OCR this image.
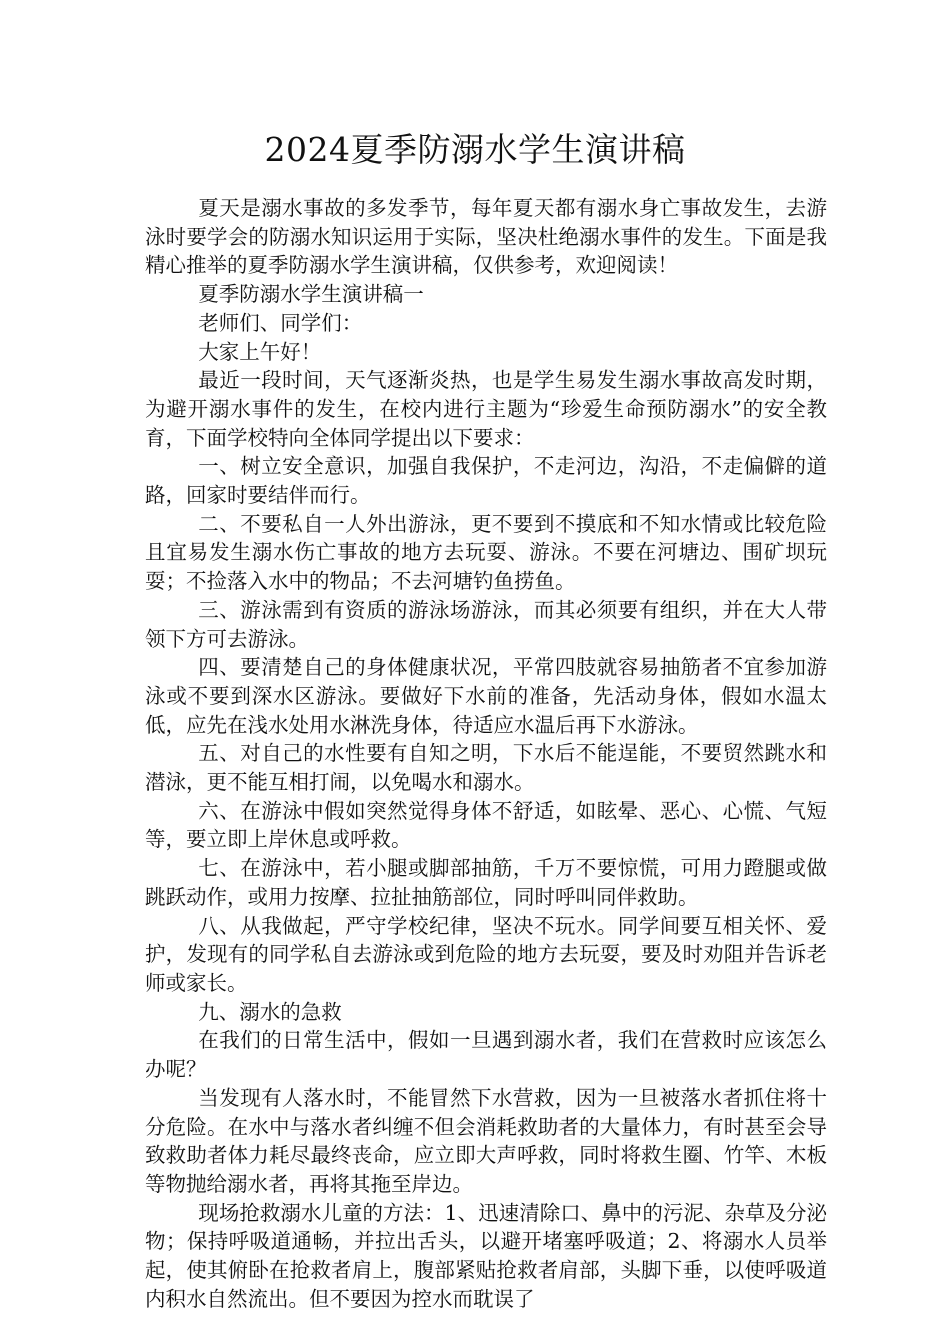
2024夏季防溺水学生演讲稿

夏天是溺水事故的多发季节，每年夏天都有溺水身亡事故发生，去游泳时要学会的防溺水知识运用于实际，坚决杜绝溺水事件的发生。下面是我精心推举的夏季防溺水学生演讲稿，仅供参考，欢迎阅读！

夏季防溺水学生演讲稿一

老师们、同学们：

大家上午好！

最近一段时间，天气逐渐炎热，也是学生易发生溺水事故高发时期，为避开溺水事件的发生，在校内进行主题为“珍爱生命预防溺水”的安全教育，下面学校特向全体同学提出以下要求：

一、树立安全意识，加强自我保护，不走河边，沟沿，不走偏僻的道路，回家时要结伴而行。

二、不要私自一人外出游泳，更不要到不摸底和不知水情或比较危险且宜易发生溺水伤亡事故的地方去玩耍、游泳。不要在河塘边、围矿坝玩耍；不捡落入水中的物品；不去河塘钓鱼捞鱼。

三、游泳需到有资质的游泳场游泳，而其必须要有组织，并在大人带领下方可去游泳。

四、要清楚自己的身体健康状况，平常四肢就容易抽筋者不宜参加游泳或不要到深水区游泳。要做好下水前的准备，先活动身体，假如水温太低，应先在浅水处用水淋洗身体，待适应水温后再下水游泳。

五、对自己的水性要有自知之明，下水后不能逞能，不要贸然跳水和潜泳，更不能互相打闹，以免喝水和溺水。

六、在游泳中假如突然觉得身体不舒适，如眩晕、恶心、心慌、气短等，要立即上岸休息或呼救。

七、在游泳中，若小腿或脚部抽筋，千万不要惊慌，可用力蹬腿或做跳跃动作，或用力按摩、拉扯抽筋部位，同时呼叫同伴救助。

八、从我做起，严守学校纪律，坚决不玩水。同学间要互相关怀、爱护，发现有的同学私自去游泳或到危险的地方去玩耍，要及时劝阻并告诉老师或家长。

九、溺水的急救

在我们的日常生活中，假如一旦遇到溺水者，我们在营救时应该怎么办呢？

当发现有人落水时，不能冒然下水营救，因为一旦被落水者抓住将十分危险。在水中与落水者纠缠不但会消耗救助者的大量体力，有时甚至会导致救助者体力耗尽最终丧命，应立即大声呼救，同时将救生圈、竹竿、木板等物抛给溺水者，再将其拖至岸边。

现场抢救溺水儿童的方法：1、迅速清除口、鼻中的污泥、杂草及分泌物；保持呼吸道通畅，并拉出舌头，以避开堵塞呼吸道；2、将溺水人员举起，使其俯卧在抢救者肩上，腹部紧贴抢救者肩部，头脚下垂，以使呼吸道内积水自然流出。但不要因为控水而耽误了
